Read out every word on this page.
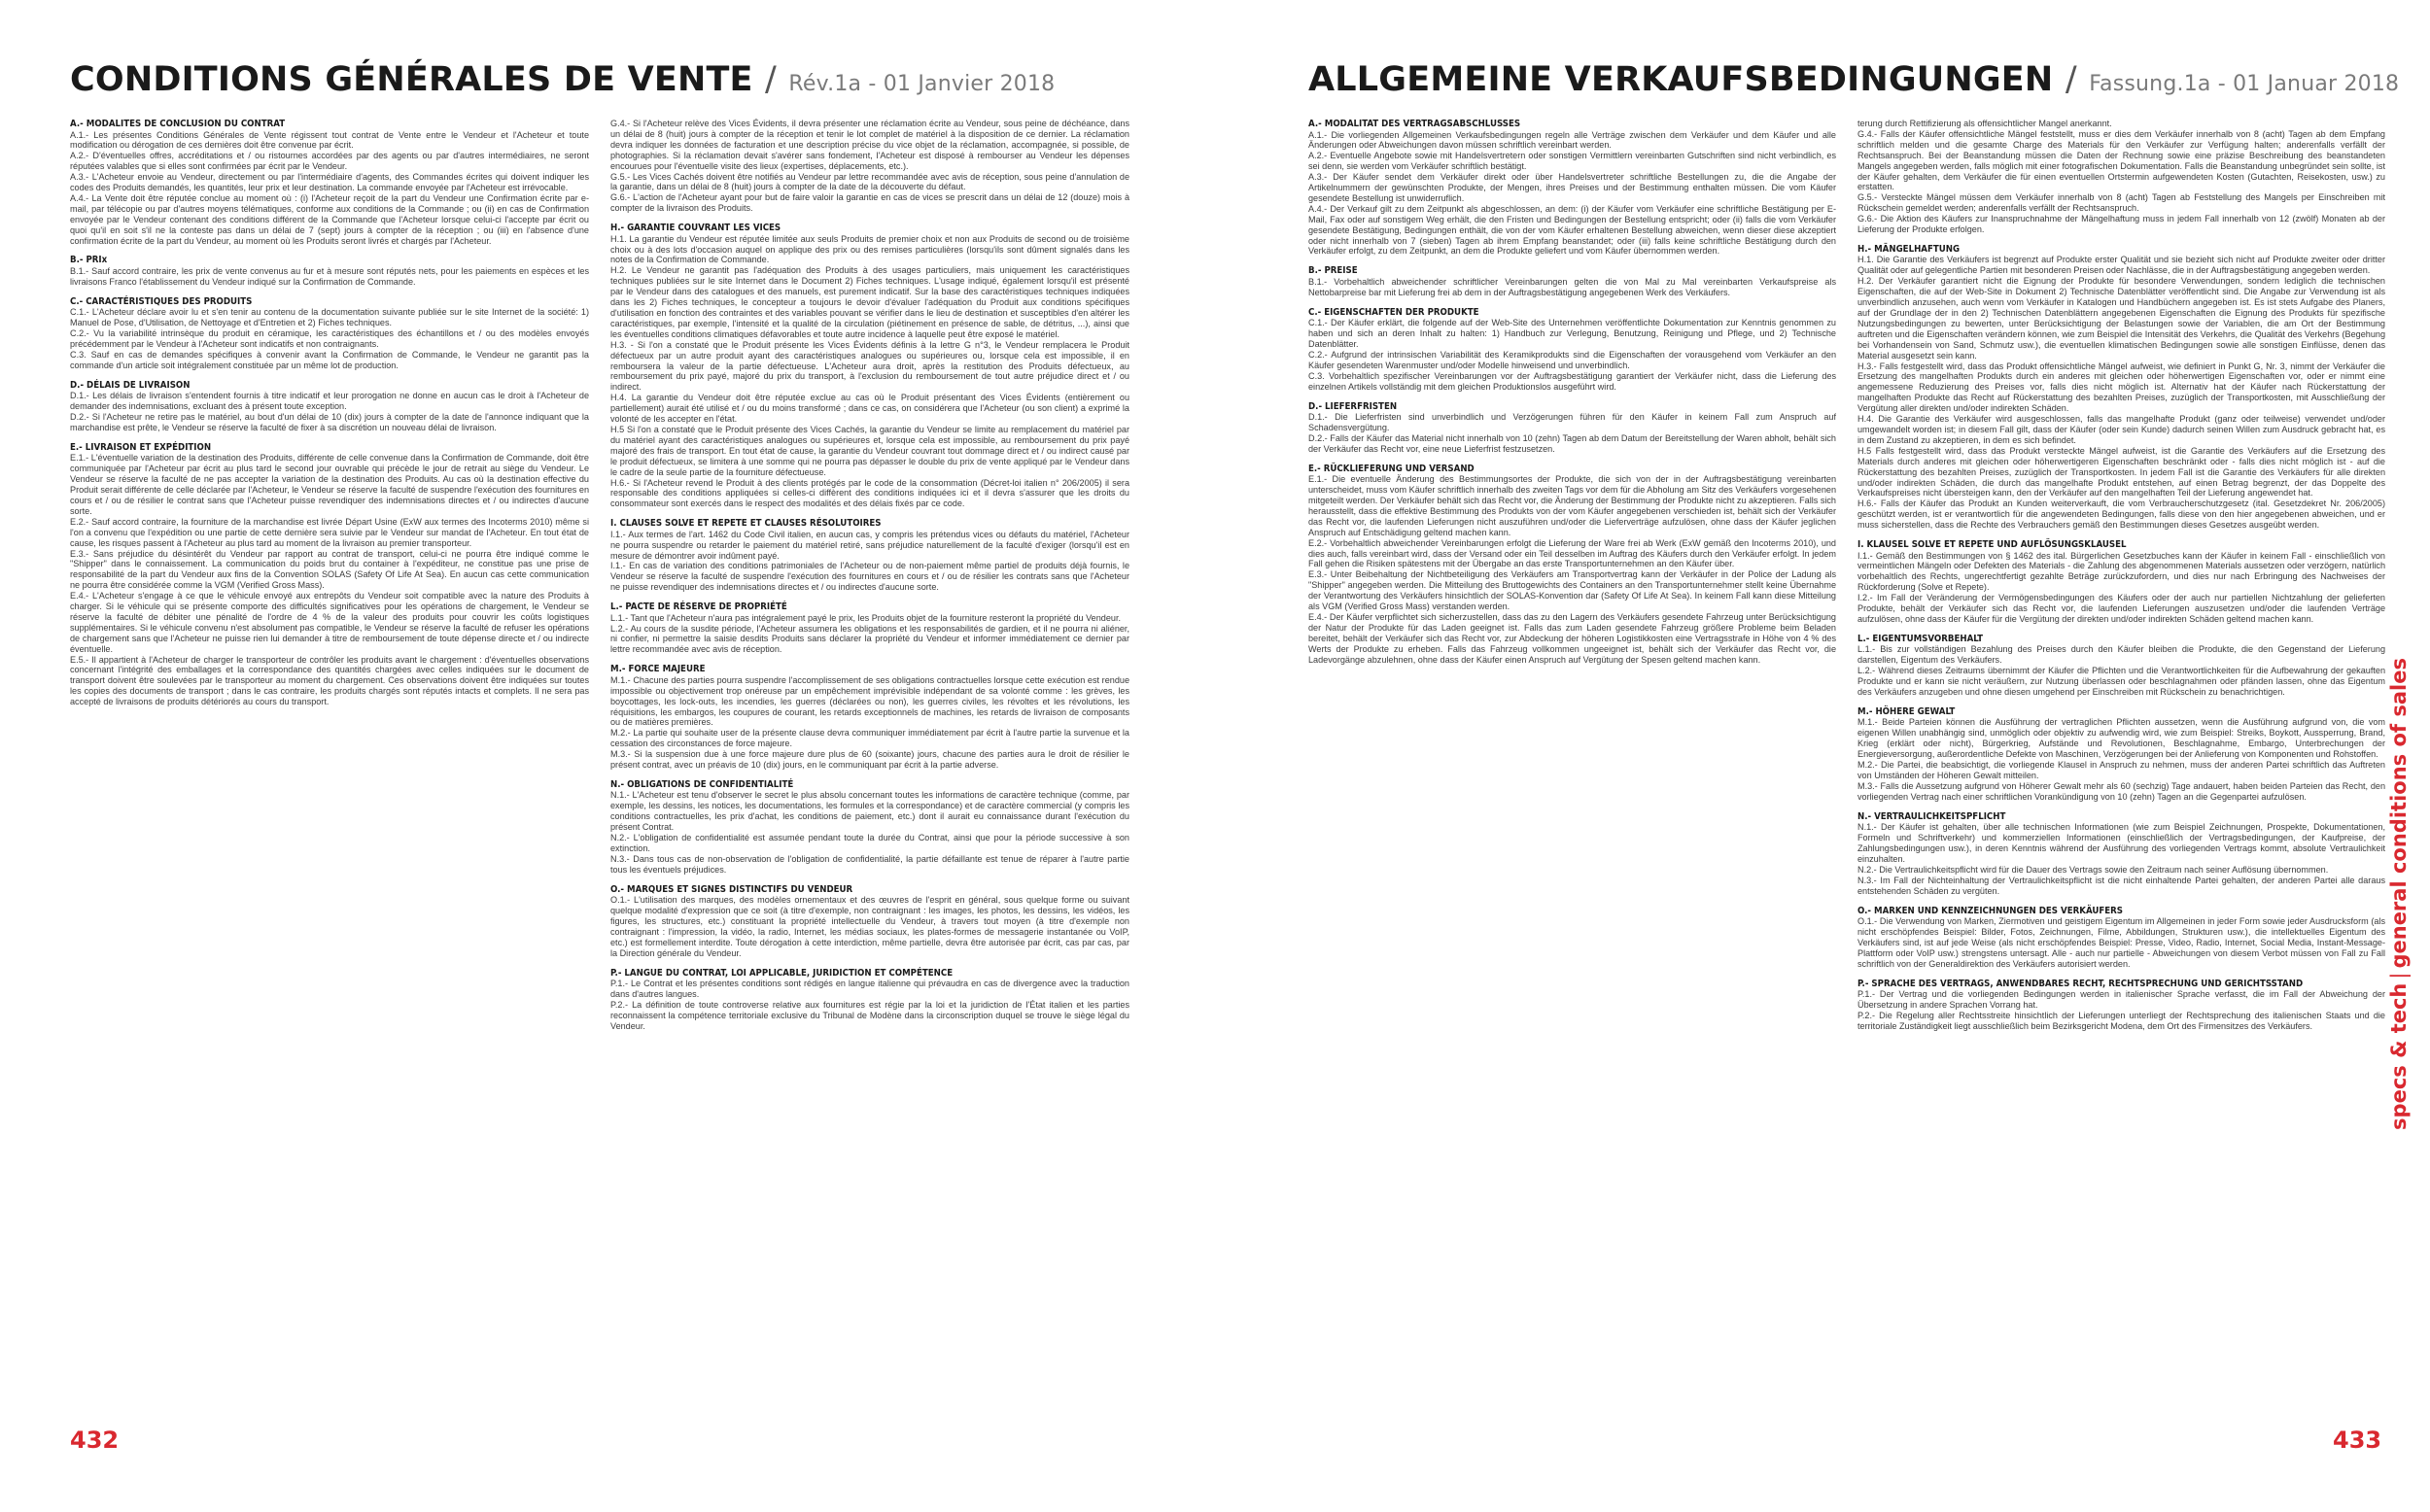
CONDITIONS GÉNÉRALES DE VENTE / Rév.1a - 01 Janvier 2018
A.- MODALITÉS DE CONCLUSION DU CONTRAT
A.1.- Les présentes Conditions Générales de Vente régissent tout contrat de Vente entre le Vendeur et l'Acheteur et toute modification ou dérogation de ces dernières doit être convenue par écrit.
A.2.- D'éventuelles offres, accréditations et / ou ristournes accordées par des agents ou par d'autres intermédiaires, ne seront réputées valables que si elles sont confirmées par écrit par le Vendeur.
A.3.- L'Acheteur envoie au Vendeur, directement ou par l'intermédiaire d'agents, des Commandes écrites qui doivent indiquer les codes des Produits demandés, les quantités, leur prix et leur destination. La commande envoyée par l'Acheteur est irrévocable.
A.4.- La Vente doit être réputée conclue au moment où : (i) l'Acheteur reçoit de la part du Vendeur une Confirmation écrite par e-mail, par télécopie ou par d'autres moyens télématiques, conforme aux conditions de la Commande ; ou (ii) en cas de Confirmation envoyée par le Vendeur contenant des conditions différent de la Commande que l'Acheteur lorsque celui-ci l'accepte par écrit ou quoi qu'il en soit s'il ne la conteste pas dans un délai de 7 (sept) jours à compter de la réception ; ou (iii) en l'absence d'une confirmation écrite de la part du Vendeur, au moment où les Produits seront livrés et chargés par l'Acheteur.
B.- PRIx
B.1.- Sauf accord contraire, les prix de vente convenus au fur et à mesure sont réputés nets, pour les paiements en espèces et les livraisons Franco l'établissement du Vendeur indiqué sur la Confirmation de Commande.
C.- CARACTÉRISTIQUES DES PRODUITS
C.1.- L'Acheteur déclare avoir lu et s'en tenir au contenu de la documentation suivante publiée sur le site Internet de la société: 1) Manuel de Pose, d'Utilisation, de Nettoyage et d'Entretien et 2) Fiches techniques.
C.2.- Vu la variabilité intrinsèque du produit en céramique, les caractéristiques des échantillons et / ou des modèles envoyés précédemment par le Vendeur à l'Acheteur sont indicatifs et non contraignants.
C.3. Sauf en cas de demandes spécifiques à convenir avant la Confirmation de Commande, le Vendeur ne garantit pas la commande d'un article soit intégralement constituée par un même lot de production.
D.- DÉLAIS DE LIVRAISON
D.1.- Les délais de livraison s'entendent fournis à titre indicatif et leur prorogation ne donne en aucun cas le droit à l'Acheteur de demander des indemnisations, excluant des à présent toute exception.
D.2.- Si l'Acheteur ne retire pas le matériel, au bout d'un délai de 10 (dix) jours à compter de la date de l'annonce indiquant que la marchandise est prête, le Vendeur se réserve la faculté de fixer à sa discrétion un nouveau délai de livraison.
E.- LIVRAISON ET EXPÉDITION
E.1.- L'éventuelle variation de la destination des Produits, différente de celle convenue dans la Confirmation de Commande, doit être communiquée par l'Acheteur par écrit au plus tard le second jour ouvrable qui précède le jour de retrait au siège du Vendeur. Le Vendeur se réserve la faculté de ne pas accepter la variation de la destination des Produits. Au cas où la destination effective du Produit serait différente de celle déclarée par l'Acheteur, le Vendeur se réserve la faculté de suspendre l'exécution des fournitures en cours et / ou de résilier le contrat sans que l'Acheteur puisse revendiquer des indemnisations directes et / ou indirectes d'aucune sorte.
E.2.- Sauf accord contraire, la fourniture de la marchandise est livrée Départ Usine (ExW aux termes des Incoterms 2010) même si l'on a convenu que l'expédition ou une partie de cette dernière sera suivie par le Vendeur sur mandat de l'Acheteur. En tout état de cause, les risques passent à l'Acheteur au plus tard au moment de la livraison au premier transporteur.
E.3.- Sans préjudice du désintérêt du Vendeur par rapport au contrat de transport, celui-ci ne pourra être indiqué comme le "Shipper" dans le connaissement. La communication du poids brut du container à l'expéditeur, ne constitue pas une prise de responsabilité de la part du Vendeur aux fins de la Convention SOLAS (Safety Of Life At Sea). En aucun cas cette communication ne pourra être considérée comme la VGM (Verified Gross Mass).
E.4.- L'Acheteur s'engage à ce que le véhicule envoyé aux entrepôts du Vendeur soit compatible avec la nature des Produits à charger. Si le véhicule qui se présente comporte des difficultés significatives pour les opérations de chargement, le Vendeur se réserve la faculté de débiter une pénalité de l'ordre de 4 % de la valeur des produits pour couvrir les coûts logistiques supplémentaires. Si le véhicule convenu n'est absolument pas compatible, le Vendeur se réserve la faculté de refuser les opérations de chargement sans que l'Acheteur ne puisse rien lui demander à titre de remboursement de toute dépense directe et / ou indirecte éventuelle.
E.5.- Il appartient à l'Acheteur de charger le transporteur de contrôler les produits avant le chargement : d'éventuelles observations concernant l'intégrité des emballages et la correspondance des quantités chargées avec celles indiquées sur le document de transport doivent être soulevées par le transporteur au moment du chargement. Ces observations doivent être indiquées sur toutes les copies des documents de transport ; dans le cas contraire, les produits chargés sont réputés intacts et complets. Il ne sera pas accepté de livraisons de produits détériorés au cours du transport.
G.4.- Si l'Acheteur relève des Vices Évidents, il devra présenter une réclamation écrite au Vendeur, sous peine de déchéance, dans un délai de 8 (huit) jours à compter de la réception et tenir le lot complet de matériel à la disposition de ce dernier. La réclamation devra indiquer les données de facturation et une description précise du vice objet de la réclamation, accompagnée, si possible, de photographies. Si la réclamation devait s'avérer sans fondement, l'Acheteur est disposé à rembourser au Vendeur les dépenses encourues pour l'éventuelle visite des lieux (expertises, déplacements, etc.).
G.5.- Les Vices Cachés doivent être notifiés au Vendeur par lettre recommandée avec avis de réception, sous peine d'annulation de la garantie, dans un délai de 8 (huit) jours à compter de la date de la découverte du défaut.
G.6.- L'action de l'Acheteur ayant pour but de faire valoir la garantie en cas de vices se prescrit dans un délai de 12 (douze) mois à compter de la livraison des Produits.
H.- GARANTIE COUVRANT LES VICES
H.1. La garantie du Vendeur est réputée limitée aux seuls Produits de premier choix et non aux Produits de second ou de troisième choix ou à des lots d'occasion auquel on applique des prix ou des remises particulières (lorsqu'ils sont dûment signalés dans les notes de la Confirmation de Commande.
H.2. Le Vendeur ne garantit pas l'adéquation des Produits à des usages particuliers, mais uniquement les caractéristiques techniques publiées sur le site Internet dans le Document 2) Fiches techniques. L'usage indiqué, également lorsqu'il est présenté par le Vendeur dans des catalogues et des manuels, est purement indicatif. Sur la base des caractéristiques techniques indiquées dans les 2) Fiches techniques, le concepteur a toujours le devoir d'évaluer l'adéquation du Produit aux conditions spécifiques d'utilisation en fonction des contraintes et des variables pouvant se vérifier dans le lieu de destination et susceptibles d'en altérer les caractéristiques, par exemple, l'intensité et la qualité de la circulation (piétinement en présence de sable, de détritus, ...), ainsi que les éventuelles conditions climatiques défavorables et toute autre incidence à laquelle peut être exposé le matériel.
H.3. - Si l'on a constaté que le Produit présente les Vices Évidents définis à la lettre G n°3, le Vendeur remplacera le Produit défectueux par un autre produit ayant des caractéristiques analogues ou supérieures ou, lorsque cela est impossible, il en remboursera la valeur de la partie défectueuse. L'Acheteur aura droit, après la restitution des Produits défectueux, au remboursement du prix payé, majoré du prix du transport, à l'exclusion du remboursement de tout autre préjudice direct et / ou indirect.
H.4. La garantie du Vendeur doit être réputée exclue au cas où le Produit présentant des Vices Évidents (entièrement ou partiellement) aurait été utilisé et / ou du moins transformé ; dans ce cas, on considérera que l'Acheteur (ou son client) a exprimé la volonté de les accepter en l'état.
H.5 Si l'on a constaté que le Produit présente des Vices Cachés, la garantie du Vendeur se limite au remplacement du matériel par du matériel ayant des caractéristiques analogues ou supérieures et, lorsque cela est impossible, au remboursement du prix payé majoré des frais de transport. En tout état de cause, la garantie du Vendeur couvrant tout dommage direct et / ou indirect causé par le produit défectueux, se limitera à une somme qui ne pourra pas dépasser le double du prix de vente appliqué par le Vendeur dans le cadre de la seule partie de la fourniture défectueuse.
H.6.- Si l'Acheteur revend le Produit à des clients protégés par le code de la consommation (Décret-loi italien n° 206/2005) il sera responsable des conditions appliquées si celles-ci diffèrent des conditions indiquées ici et il devra s'assurer que les droits du consommateur sont exercés dans le respect des modalités et des délais fixés par ce code.
I. CLAUSES SOLVE ET REPETE ET CLAUSES RÉSOLUTOIRES
I.1.- Aux termes de l'art. 1462 du Code Civil italien, en aucun cas, y compris les prétendus vices ou défauts du matériel, l'Acheteur ne pourra suspendre ou retarder le paiement du matériel retiré, sans préjudice naturellement de la faculté d'exiger (lorsqu'il est en mesure de démontrer avoir indûment payé.
I.1.- En cas de variation des conditions patrimoniales de l'Acheteur ou de non-paiement même partiel de produits déjà fournis, le Vendeur se réserve la faculté de suspendre l'exécution des fournitures en cours et / ou de résilier les contrats sans que l'Acheteur ne puisse revendiquer des indemnisations directes et / ou indirectes d'aucune sorte.
L.- PACTE DE RÉSERVE DE PROPRIÉTÉ
L.1.- Tant que l'Acheteur n'aura pas intégralement payé le prix, les Produits objet de la fourniture resteront la propriété du Vendeur.
L.2.- Au cours de la susdite période, l'Acheteur assumera les obligations et les responsabilités de gardien, et il ne pourra ni aliéner, ni confier, ni permettre la saisie desdits Produits sans déclarer la propriété du Vendeur et informer immédiatement ce dernier par lettre recommandée avec avis de réception.
M.- FORCE MAJEURE
M.1.- Chacune des parties pourra suspendre l'accomplissement de ses obligations contractuelles lorsque cette exécution est rendue impossible ou objectivement trop onéreuse par un empêchement imprévisible indépendant de sa volonté comme : les grèves, les boycottages, les lock-outs, les incendies, les guerres (déclarées ou non), les guerres civiles, les révoltes et les révolutions, les réquisitions, les embargos, les coupures de courant, les retards exceptionnels de machines, les retards de livraison de composants ou de matières premières.
M.2.- La partie qui souhaite user de la présente clause devra communiquer immédiatement par écrit à l'autre partie la survenue et la cessation des circonstances de force majeure.
M.3.- Si la suspension due à une force majeure dure plus de 60 (soixante) jours, chacune des parties aura le droit de résilier le présent contrat, avec un préavis de 10 (dix) jours, en le communiquant par écrit à la partie adverse.
N.- OBLIGATIONS DE CONFIDENTIALITÉ
N.1.- L'Acheteur est tenu d'observer le secret le plus absolu concernant toutes les informations de caractère technique (comme, par exemple, les dessins, les notices, les documentations, les formules et la correspondance) et de caractère commercial (y compris les conditions contractuelles, les prix d'achat, les conditions de paiement, etc.) dont il aurait eu connaissance durant l'exécution du présent Contrat.
N.2.- L'obligation de confidentialité est assumée pendant toute la durée du Contrat, ainsi que pour la période successive à son extinction.
N.3.- Dans tous cas de non-observation de l'obligation de confidentialité, la partie défaillante est tenue de réparer à l'autre partie tous les éventuels préjudices.
O.- MARQUES ET SIGNES DISTINCTIFS DU VENDEUR
O.1.- L'utilisation des marques, des modèles ornementaux et des œuvres de l'esprit en général, sous quelque forme ou suivant quelque modalité d'expression que ce soit (à titre d'exemple, non contraignant : les images, les photos, les dessins, les vidéos, les figures, les structures, etc.) constituant la propriété intellectuelle du Vendeur, à travers tout moyen (à titre d'exemple non contraignant : l'impression, la vidéo, la radio, Internet, les médias sociaux, les plates-formes de messagerie instantanée ou VoIP, etc.) est formellement interdite. Toute dérogation à cette interdiction, même partielle, devra être autorisée par écrit, cas par cas, par la Direction générale du Vendeur.
P.- LANGUE DU CONTRAT, LOI APPLICABLE, JURIDICTION ET COMPÉTENCE
P.1.- Le Contrat et les présentes conditions sont rédigés en langue italienne qui prévaudra en cas de divergence avec la traduction dans d'autres langues.
P.2.- La définition de toute controverse relative aux fournitures est régie par la loi et la juridiction de l'État italien et les parties reconnaissent la compétence territoriale exclusive du Tribunal de Modène dans la circonscription duquel se trouve le siège légal du Vendeur.
432
ALLGEMEINE VERKAUFSBEDINGUNGEN / Fassung.1a - 01 Januar 2018
A.- MODALITÄT DES VERTRAGSABSCHLUSSES
A.1.- Die vorliegenden Allgemeinen Verkaufsbedingungen regeln alle Verträge zwischen dem Verkäufer und dem Käufer und alle Änderungen oder Abweichungen davon müssen schriftlich vereinbart werden.
A.2.- Eventuelle Angebote sowie mit Handelsvertretern oder sonstigen Vermittlern vereinbarten Gutschriften sind nicht verbindlich, es sei denn, sie werden vom Verkäufer schriftlich bestätigt.
A.3.- Der Käufer sendet dem Verkäufer direkt oder über Handelsvertreter schriftliche Bestellungen zu, die die Angabe der Artikelnummern der gewünschten Produkte, der Mengen, ihres Preises und der Bestimmung enthalten müssen. Die vom Käufer gesendete Bestellung ist unwiderruflich.
A.4.- Der Verkauf gilt zu dem Zeitpunkt als abgeschlossen, an dem: (i) der Käufer vom Verkäufer eine schriftliche Bestätigung per E-Mail, Fax oder auf sonstigem Weg erhält, die den Fristen und Bedingungen der Bestellung entspricht; oder (ii) falls die vom Verkäufer gesendete Bestätigung, Bedingungen enthält, die von der vom Käufer erhaltenen Bestellung abweichen, wenn dieser diese akzeptiert oder nicht innerhalb von 7 (sieben) Tagen ab ihrem Empfang beanstandet; oder (iii) falls keine schriftliche Bestätigung durch den Verkäufer erfolgt, zu dem Zeitpunkt, an dem die Produkte geliefert und vom Käufer übernommen werden.
B.- PREISE
B.1.- Vorbehaltlich abweichender schriftlicher Vereinbarungen gelten die von Mal zu Mal vereinbarten Verkaufspreise als Nettobarpreise bar mit Lieferung frei ab dem in der Auftragsbestätigung angegebenen Werk des Verkäufers.
C.- EIGENSCHAFTEN DER PRODUKTE
C.1.- Der Käufer erklärt, die folgende auf der Web-Site des Unternehmen veröffentlichte Dokumentation zur Kenntnis genommen zu haben und sich an deren Inhalt zu halten: 1) Handbuch zur Verlegung, Benutzung, Reinigung und Pflege, und 2) Technische Datenblätter.
C.2.- Aufgrund der intrinsischen Variabilität des Keramikprodukts sind die Eigenschaften der vorausgehend vom Verkäufer an den Käufer gesendeten Warenmuster und/oder Modelle hinweisend und unverbindlich.
C.3. Vorbehaltlich spezifischer Vereinbarungen vor der Auftragsbestätigung garantiert der Verkäufer nicht, dass die Lieferung des einzelnen Artikels vollständig mit dem gleichen Produktionslos ausgeführt wird.
D.- LIEFERFRISTEN
D.1.- Die Lieferfristen sind unverbindlich und Verzögerungen führen für den Käufer in keinem Fall zum Anspruch auf Schadensvergütung.
D.2.- Falls der Käufer das Material nicht innerhalb von 10 (zehn) Tagen ab dem Datum der Bereitstellung der Waren abholt, behält sich der Verkäufer das Recht vor, eine neue Lieferfrist festzusetzen.
E.- RÜCKLIEFERUNG UND VERSAND
E.1.- Die eventuelle Änderung des Bestimmungsortes der Produkte, die sich von der in der Auftragsbestätigung vereinbarten unterscheidet, muss vom Käufer schriftlich innerhalb des zweiten Tags vor dem für die Abholung am Sitz des Verkäufers vorgesehenen mitgeteilt werden. Der Verkäufer behält sich das Recht vor, die Änderung der Bestimmung der Produkte nicht zu akzeptieren. Falls sich herausstellt, dass die effektive Bestimmung des Produkts von der vom Käufer angegebenen verschieden ist, behält sich der Verkäufer das Recht vor, die laufenden Lieferungen nicht auszuführen und/oder die Lieferverträge aufzulösen, ohne dass der Käufer jeglichen Anspruch auf Entschädigung geltend machen kann.
E.2.- Vorbehaltlich abweichender Vereinbarungen erfolgt die Lieferung der Ware frei ab Werk (ExW gemäß den Incoterms 2010), und dies auch, falls vereinbart wird, dass der Versand oder ein Teil desselben im Auftrag des Käufers durch den Verkäufer erfolgt. In jedem Fall gehen die Risiken spätestens mit der Übergabe an das erste Transportunternehmen an den Käufer über.
E.3.- Unter Beibehaltung der Nichtbeteiligung des Verkäufers am Transportvertrag kann der Verkäufer in der Police der Ladung als "Shipper" angegeben werden. Die Mitteilung des Bruttogewichts des Containers an den Transportunternehmer stellt keine Übernahme der Verantwortung des Verkäufers hinsichtlich der SOLAS-Konvention dar (Safety Of Life At Sea). In keinem Fall kann diese Mitteilung als VGM (Verified Gross Mass) verstanden werden.
E.4.- Der Käufer verpflichtet sich sicherzustellen, dass das zu den Lagern des Verkäufers gesendete Fahrzeug unter Berücksichtigung der Natur der Produkte für das Laden geeignet ist. Falls das zum Laden gesendete Fahrzeug größere Probleme beim Beladen bereitet, behält der Verkäufer sich das Recht vor, zur Abdeckung der höheren Logistikkosten eine Vertragsstrafe in Höhe von 4 % des Werts der Produkte zu erheben. Falls das Fahrzeug vollkommen ungeeignet ist, behält sich der Verkäufer das Recht vor, die Ladevorgänge abzulehnen, ohne dass der Käufer einen Anspruch auf Vergütung der Spesen geltend machen kann.
terung durch Rettifizierung als offensichtlicher Mangel anerkannt.
G.4.- Falls der Käufer offensichtliche Mängel feststellt, muss er dies dem Verkäufer innerhalb von 8 (acht) Tagen ab dem Empfang schriftlich melden und die gesamte Charge des Materials für den Verkäufer zur Verfügung halten; anderenfalls verfällt der Rechtsanspruch. Bei der Beanstandung müssen die Daten der Rechnung sowie eine präzise Beschreibung des beanstandeten Mangels angegeben werden, falls möglich mit einer fotografischen Dokumentation. Falls die Beanstandung unbegründet sein sollte, ist der Käufer gehalten, dem Verkäufer die für einen eventuellen Ortstermin aufgewendeten Kosten (Gutachten, Reisekosten, usw.) zu erstatten.
G.5.- Versteckte Mängel müssen dem Verkäufer innerhalb von 8 (acht) Tagen ab Feststellung des Mangels per Einschreiben mit Rückschein gemeldet werden; anderenfalls verfällt der Rechtsanspruch.
G.6.- Die Aktion des Käufers zur Inanspruchnahme der Mängelhaftung muss in jedem Fall innerhalb von 12 (zwölf) Monaten ab der Lieferung der Produkte erfolgen.
H.- MÄNGELHAFTUNG
H.1. Die Garantie des Verkäufers ist begrenzt auf Produkte erster Qualität und sie bezieht sich nicht auf Produkte zweiter oder dritter Qualität oder auf gelegentliche Partien mit besonderen Preisen oder Nachlässe, die in der Auftragsbestätigung angegeben werden.
H.2. Der Verkäufer garantiert nicht die Eignung der Produkte für besondere Verwendungen, sondern lediglich die technischen Eigenschaften, die auf der Web-Site in Dokument 2) Technische Datenblätter veröffentlicht sind. Die Angabe zur Verwendung ist als unverbindlich anzusehen, auch wenn vom Verkäufer in Katalogen und Handbüchern angegeben ist. Es ist stets Aufgabe des Planers, auf der Grundlage der in den 2) Technischen Datenblättern angegebenen Eigenschaften die Eignung des Produkts für spezifische Nutzungsbedingungen zu bewerten, unter Berücksichtigung der Belastungen sowie der Variablen, die am Ort der Bestimmung auftreten und die Eigenschaften verändern können, wie zum Beispiel die Intensität des Verkehrs, die Qualität des Verkehrs (Begehung bei Vorhandensein von Sand, Schmutz usw.), die eventuellen klimatischen Bedingungen sowie alle sonstigen Einflüsse, denen das Material ausgesetzt sein kann.
H.3.- Falls festgestellt wird, dass das Produkt offensichtliche Mängel aufweist, wie definiert in Punkt G, Nr. 3, nimmt der Verkäufer die Ersetzung des mangelhaften Produkts durch ein anderes mit gleichen oder höherwertigen Eigenschaften vor, oder er nimmt eine angemessene Reduzierung des Preises vor, falls dies nicht möglich ist. Alternativ hat der Käufer nach Rückerstattung der mangelhaften Produkte das Recht auf Rückerstattung des bezahlten Preises, zuzüglich der Transportkosten, mit Ausschließung der Vergütung aller direkten und/oder indirekten Schäden.
H.4. Die Garantie des Verkäufer wird ausgeschlossen, falls das mangelhafte Produkt (ganz oder teilweise) verwendet und/oder umgewandelt worden ist; in diesem Fall gilt, dass der Käufer (oder sein Kunde) dadurch seinen Willen zum Ausdruck gebracht hat, es in dem Zustand zu akzeptieren, in dem es sich befindet.
H.5 Falls festgestellt wird, dass das Produkt versteckte Mängel aufweist, ist die Garantie des Verkäufers auf die Ersetzung des Materials durch anderes mit gleichen oder höherwertigeren Eigenschaften beschränkt oder - falls dies nicht möglich ist - auf die Rückerstattung des bezahlten Preises, zuzüglich der Transportkosten. In jedem Fall ist die Garantie des Verkäufers für alle direkten und/oder indirekten Schäden, die durch das mangelhafte Produkt entstehen, auf einen Betrag begrenzt, der das Doppelte des Verkaufspreises nicht übersteigen kann, den der Verkäufer auf den mangelhaften Teil der Lieferung angewendet hat.
H.6.- Falls der Käufer das Produkt an Kunden weiterverkauft, die vom Verbraucherschutzgesetz (ital. Gesetzdekret Nr. 206/2005) geschützt werden, ist er verantwortlich für die angewendeten Bedingungen, falls diese von den hier angegebenen abweichen, und er muss sicherstellen, dass die Rechte des Verbrauchers gemäß den Bestimmungen dieses Gesetzes ausgeübt werden.
I. KLAUSEL SOLVE ET REPETE UND AUFLÖSUNGSKLAUSEL
I.1.- Gemäß den Bestimmungen von § 1462 des ital. Bürgerlichen Gesetzbuches kann der Käufer in keinem Fall - einschließlich von vermeintlichen Mängeln oder Defekten des Materials - die Zahlung des abgenommenen Materials aussetzen oder verzögern, natürlich vorbehaltlich des Rechts, ungerechtfertigt gezahlte Beträge zurückzufordern, und dies nur nach Erbringung des Nachweises der Rückforderung (Solve et Repete).
I.2.- Im Fall der Veränderung der Vermögensbedingungen des Käufers oder der auch nur partiellen Nichtzahlung der gelieferten Produkte, behält der Verkäufer sich das Recht vor, die laufenden Lieferungen auszusetzen und/oder die laufenden Verträge aufzulösen, ohne dass der Käufer für die Vergütung der direkten und/oder indirekten Schäden geltend machen kann.
L.- EIGENTUMSVORBEHALT
L.1.- Bis zur vollständigen Bezahlung des Preises durch den Käufer bleiben die Produkte, die den Gegenstand der Lieferung darstellen, Eigentum des Verkäufers.
L.2.- Während dieses Zeitraums übernimmt der Käufer die Pflichten und die Verantwortlichkeiten für die Aufbewahrung der gekauften Produkte und er kann sie nicht veräußern, zur Nutzung überlassen oder beschlagnahmen oder pfänden lassen, ohne das Eigentum des Verkäufers anzugeben und ohne diesen umgehend per Einschreiben mit Rückschein zu benachrichtigen.
M.- HÖHERE GEWALT
M.1.- Beide Parteien können die Ausführung der vertraglichen Pflichten aussetzen, wenn die Ausführung aufgrund von, die vom eigenen Willen unabhängig sind, unmöglich oder objektiv zu aufwendig wird, wie zum Beispiel: Streiks, Boykott, Aussperrung, Brand, Krieg (erklärt oder nicht), Bürgerkrieg, Aufstände und Revolutionen, Beschlagnahme, Embargo, Unterbrechungen der Energieversorgung, außerordentliche Defekte von Maschinen, Verzögerungen bei der Anlieferung von Komponenten und Rohstoffen.
M.2.- Die Partei, die beabsichtigt, die vorliegende Klausel in Anspruch zu nehmen, muss der anderen Partei schriftlich das Auftreten von Umständen der Höheren Gewalt mitteilen.
M.3.- Falls die Aussetzung aufgrund von Höherer Gewalt mehr als 60 (sechzig) Tage andauert, haben beiden Parteien das Recht, den vorliegenden Vertrag nach einer schriftlichen Vorankündigung von 10 (zehn) Tagen an die Gegenpartei aufzulösen.
N.- VERTRAULICHKEITSPFLICHT
N.1.- Der Käufer ist gehalten, über alle technischen Informationen (wie zum Beispiel Zeichnungen, Prospekte, Dokumentationen, Formeln und Schriftverkehr) und kommerziellen Informationen (einschließlich der Vertragsbedingungen, der Kaufpreise, der Zahlungsbedingungen usw.), in deren Kenntnis während der Ausführung des vorliegenden Vertrags kommt, absolute Vertraulichkeit einzuhalten.
N.2.- Die Vertraulichkeitspflicht wird für die Dauer des Vertrags sowie den Zeitraum nach seiner Auflösung übernommen.
N.3.- Im Fall der Nichteinhaltung der Vertraulichkeitspflicht ist die nicht einhaltende Partei gehalten, der anderen Partei alle daraus entstehenden Schäden zu vergüten.
O.- MARKEN UND KENNZEICHNUNGEN DES VERKÄUFERS
O.1.- Die Verwendung von Marken, Ziermotiven und geistigem Eigentum im Allgemeinen in jeder Form sowie jeder Ausdrucksform (als nicht erschöpfendes Beispiel: Bilder, Fotos, Zeichnungen, Filme, Abbildungen, Strukturen usw.), die intellektuelles Eigentum des Verkäufers sind, ist auf jede Weise (als nicht erschöpfendes Beispiel: Presse, Video, Radio, Internet, Social Media, Instant-Message-Plattform oder VoIP usw.) strengstens untersagt. Alle - auch nur partielle - Abweichungen von diesem Verbot müssen von Fall zu Fall schriftlich von der Generaldirektion des Verkäufers autorisiert werden.
P.- SPRACHE DES VERTRAGS, ANWENDBARES RECHT, RECHTSPRECHUNG UND GERICHTSSTAND
P.1.- Der Vertrag und die vorliegenden Bedingungen werden in italienischer Sprache verfasst, die im Fall der Abweichung der Übersetzung in andere Sprachen Vorrang hat.
P.2.- Die Regelung aller Rechtsstreite hinsichtlich der Lieferungen unterliegt der Rechtsprechung des italienischen Staats und die territoriale Zuständigkeit liegt ausschließlich beim Bezirksgericht Modena, dem Ort des Firmensitzes des Verkäufers.
433
specs & tech|general conditions of sales
